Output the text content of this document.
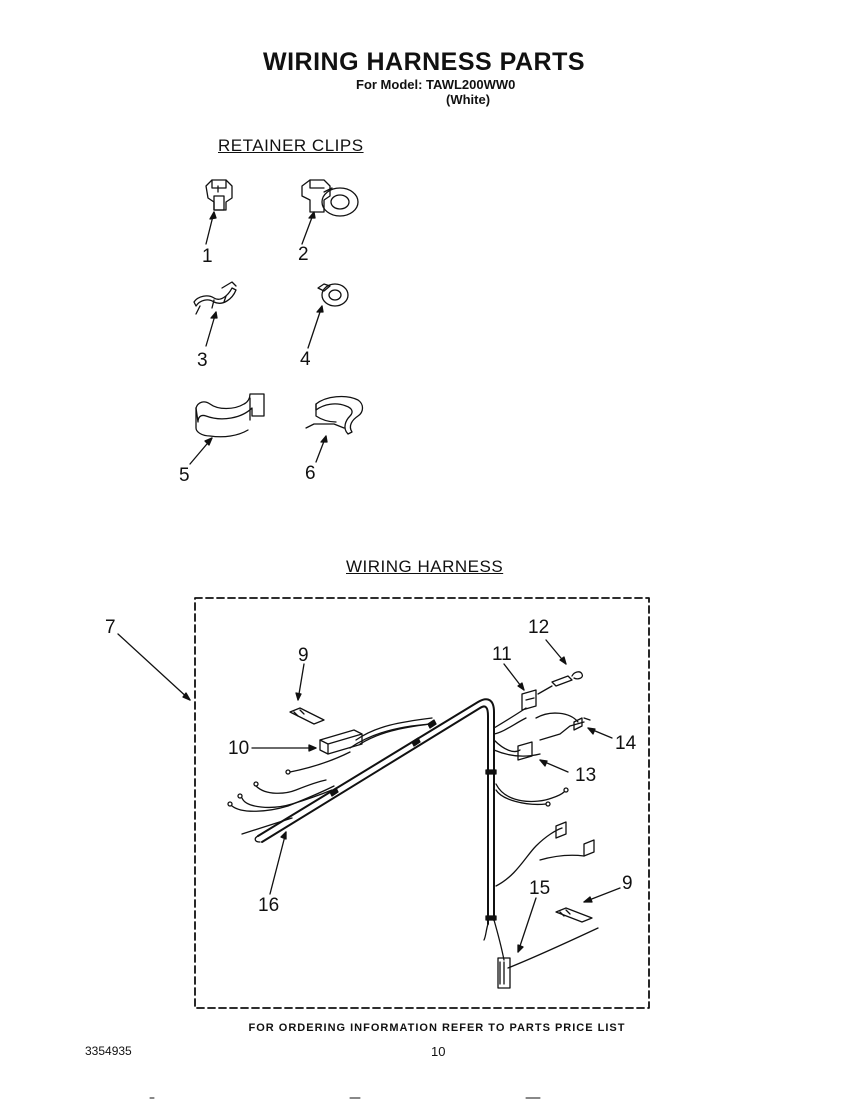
WIRING HARNESS PARTS
For Model: TAWL200WW0
(White)
RETAINER CLIPS
WIRING HARNESS
1	2
3	4
5	6
7
9
10
11
12
13
14
15	9
16
FOR ORDERING INFORMATION REFER TO PARTS PRICE LIST
3354935	10
